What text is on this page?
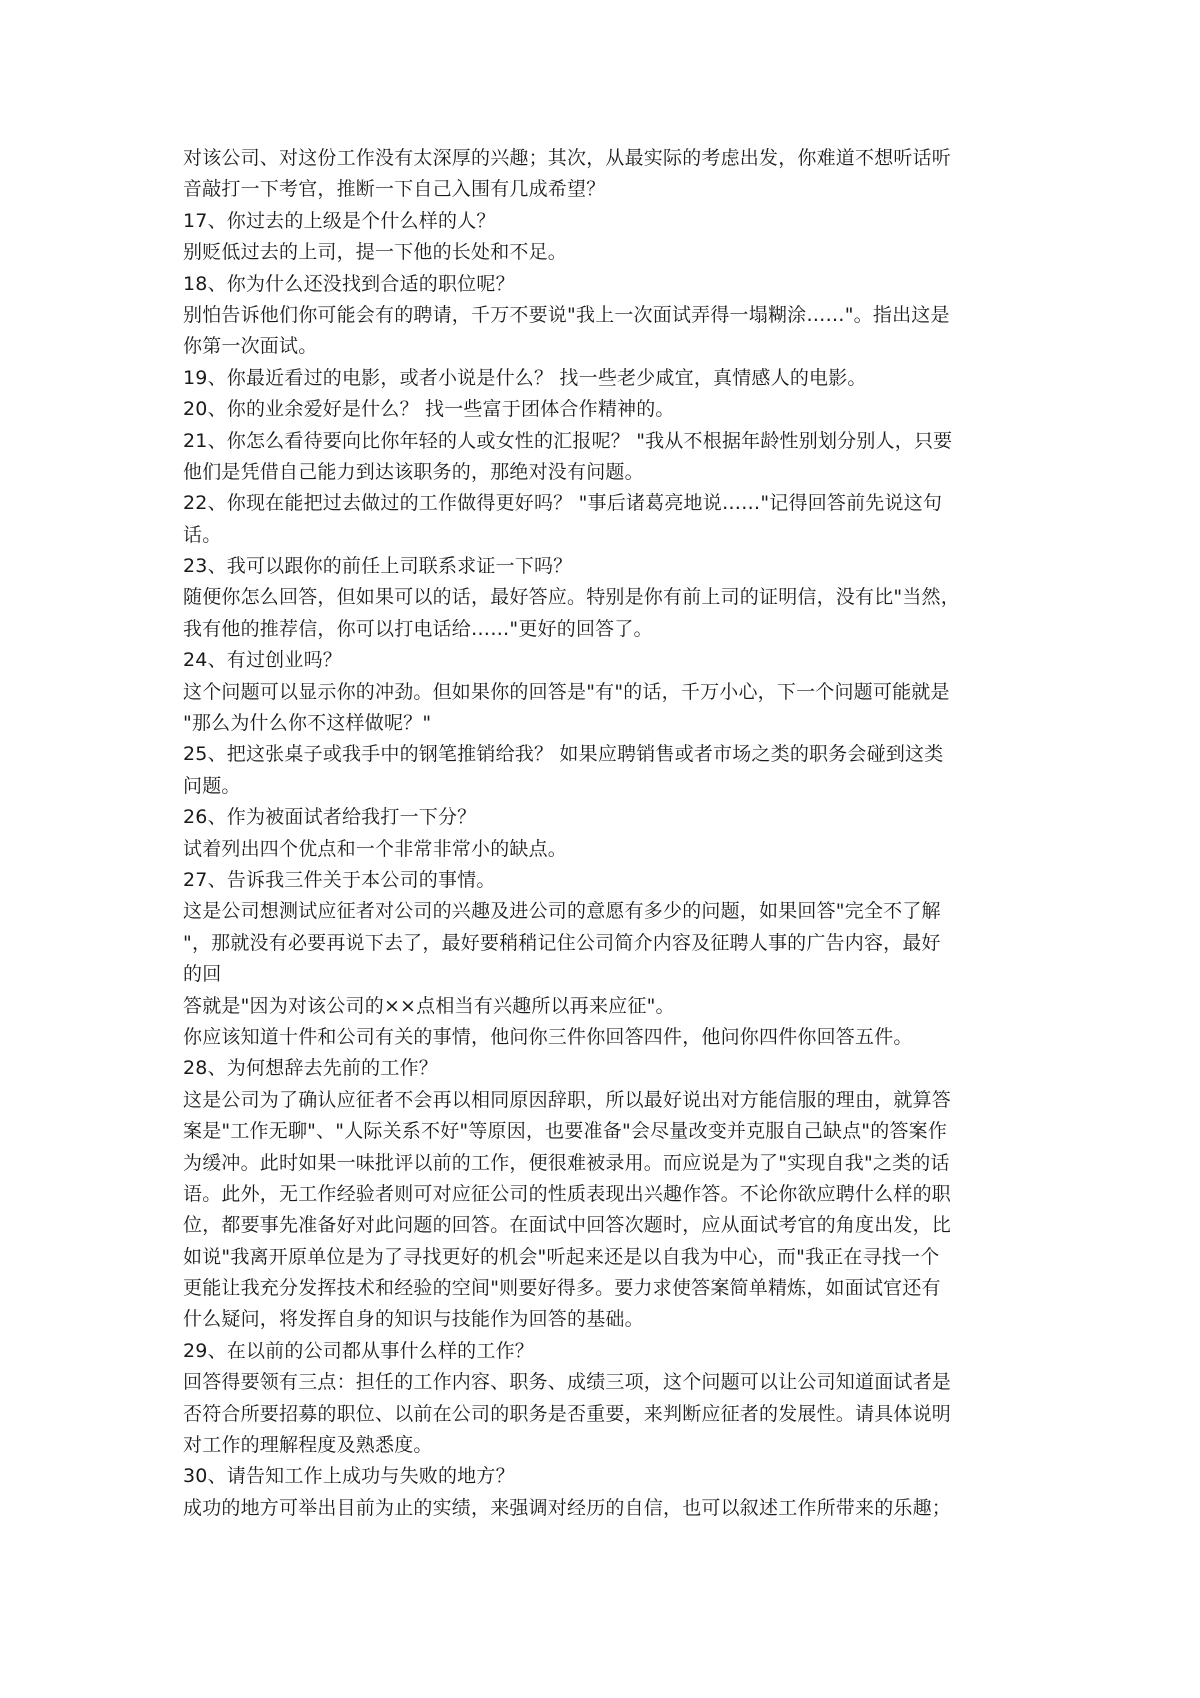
对该公司、对这份工作没有太深厚的兴趣；其次，从最实际的考虑出发，你难道不想听话听
音敲打一下考官，推断一下自己入围有几成希望？
17、你过去的上级是个什么样的人？
别贬低过去的上司，提一下他的长处和不足。
18、你为什么还没找到合适的职位呢？
别怕告诉他们你可能会有的聘请，千万不要说"我上一次面试弄得一塌糊涂……"。指出这是
你第一次面试。
19、你最近看过的电影，或者小说是什么？ 找一些老少咸宜，真情感人的电影。
20、你的业余爱好是什么？ 找一些富于团体合作精神的。
21、你怎么看待要向比你年轻的人或女性的汇报呢？ "我从不根据年龄性别划分别人，只要
他们是凭借自己能力到达该职务的，那绝对没有问题。
22、你现在能把过去做过的工作做得更好吗？ "事后诸葛亮地说……"记得回答前先说这句
话。
23、我可以跟你的前任上司联系求证一下吗？
随便你怎么回答，但如果可以的话，最好答应。特别是你有前上司的证明信，没有比"当然，
我有他的推荐信，你可以打电话给……"更好的回答了。
24、有过创业吗？
这个问题可以显示你的冲劲。但如果你的回答是"有"的话，千万小心，下一个问题可能就是
"那么为什么你不这样做呢？"
25、把这张桌子或我手中的钢笔推销给我？ 如果应聘销售或者市场之类的职务会碰到这类
问题。
26、作为被面试者给我打一下分？
试着列出四个优点和一个非常非常小的缺点。
27、告诉我三件关于本公司的事情。
这是公司想测试应征者对公司的兴趣及进公司的意愿有多少的问题，如果回答"完全不了解
"，那就没有必要再说下去了，最好要稍稍记住公司简介内容及征聘人事的广告内容，最好
的回
答就是"因为对该公司的××点相当有兴趣所以再来应征"。
你应该知道十件和公司有关的事情，他问你三件你回答四件，他问你四件你回答五件。
28、为何想辞去先前的工作？
这是公司为了确认应征者不会再以相同原因辞职，所以最好说出对方能信服的理由，就算答
案是"工作无聊"、"人际关系不好"等原因，也要准备"会尽量改变并克服自己缺点"的答案作
为缓冲。此时如果一味批评以前的工作，便很难被录用。而应说是为了"实现自我"之类的话
语。此外，无工作经验者则可对应征公司的性质表现出兴趣作答。不论你欲应聘什么样的职
位，都要事先准备好对此问题的回答。在面试中回答次题时，应从面试考官的角度出发，比
如说"我离开原单位是为了寻找更好的机会"听起来还是以自我为中心，而"我正在寻找一个
更能让我充分发挥技术和经验的空间"则要好得多。要力求使答案简单精炼，如面试官还有
什么疑问，将发挥自身的知识与技能作为回答的基础。
29、在以前的公司都从事什么样的工作？
回答得要领有三点：担任的工作内容、职务、成绩三项，这个问题可以让公司知道面试者是
否符合所要招募的职位、以前在公司的职务是否重要，来判断应征者的发展性。请具体说明
对工作的理解程度及熟悉度。
30、请告知工作上成功与失败的地方？
成功的地方可举出目前为止的实绩，来强调对经历的自信，也可以叙述工作所带来的乐趣；
